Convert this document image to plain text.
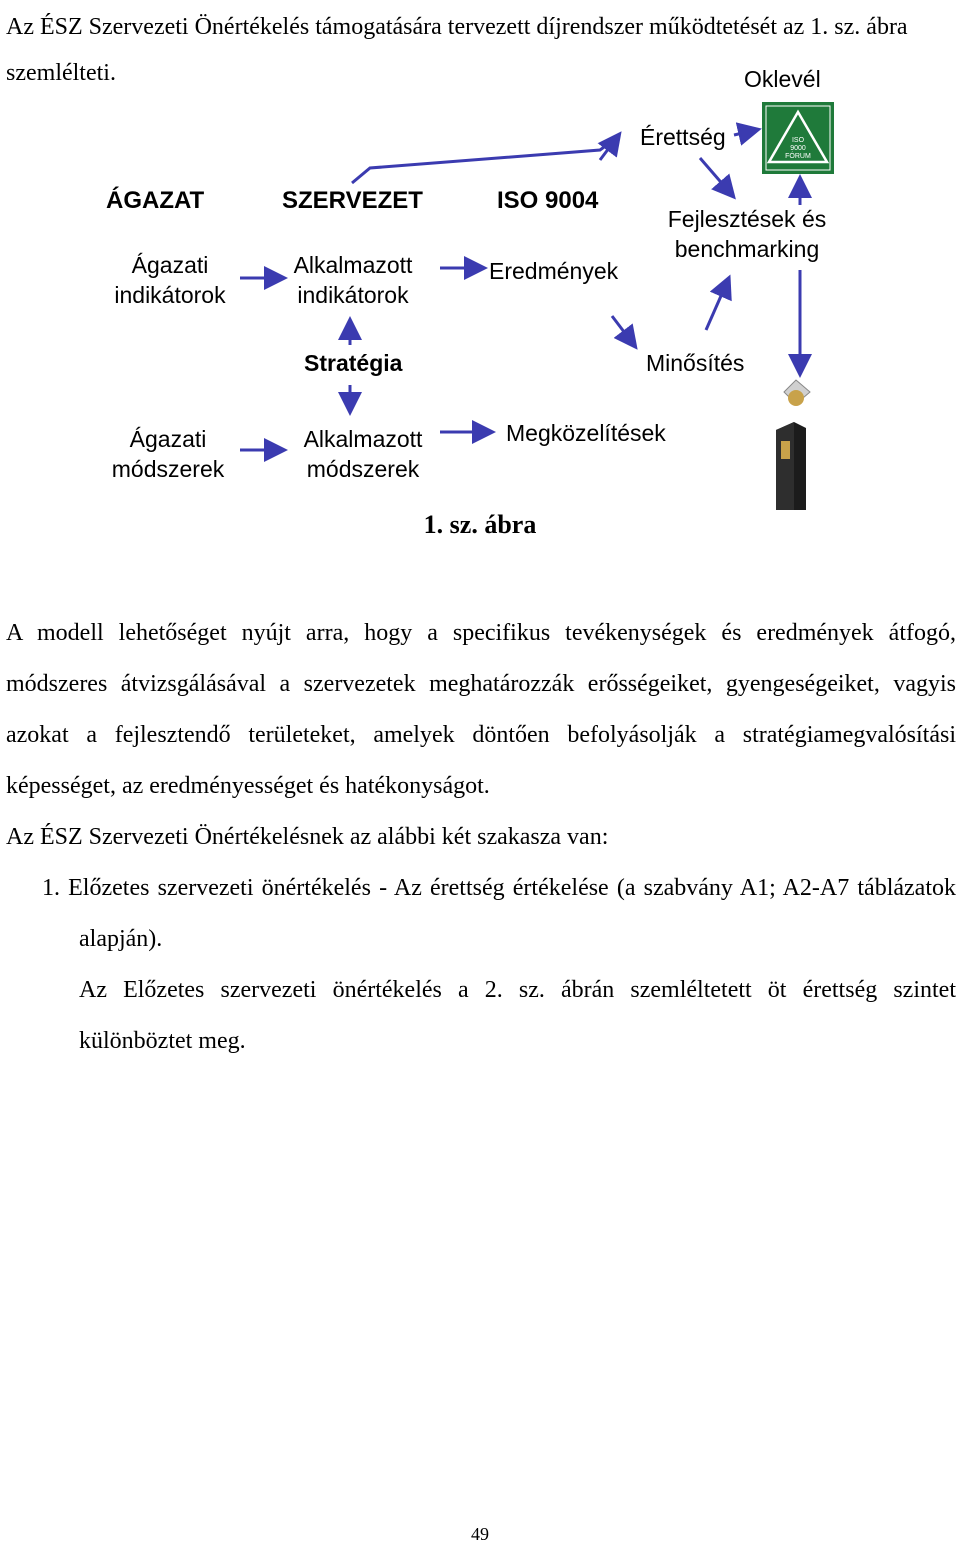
Az ÉSZ Szervezeti Önértékelés támogatására tervezett díjrendszer működtetését az 1. sz. ábra szemlélteti.
ISO
9000
FÓRUM
ÁGAZAT	SZERVEZET	ISO 9004
Ágazati indikátorok
Alkalmazott indikátorok
Eredmények
Érettség
Oklevél
Fejlesztések és benchmarking
Stratégia	Minősítés
Ágazati módszerek
Alkalmazott módszerek
Megközelítések
1. sz. ábra

A modell lehetőséget nyújt arra, hogy a specifikus tevékenységek és eredmények átfogó, módszeres átvizsgálásával a szervezetek meghatározzák erősségeiket, gyengeségeiket, vagyis azokat a fejlesztendő területeket, amelyek döntően befolyásolják a stratégiamegvalósítási képességet, az eredményességet és hatékonyságot.

Az ÉSZ Szervezeti Önértékelésnek az alábbi két szakasza van:

1. Előzetes szervezeti önértékelés - Az érettség értékelése (a szabvány A1; A2-A7 táblázatok alapján).

Az Előzetes szervezeti önértékelés a 2. sz. ábrán szemléltetett öt érettség szintet különböztet meg.

49
